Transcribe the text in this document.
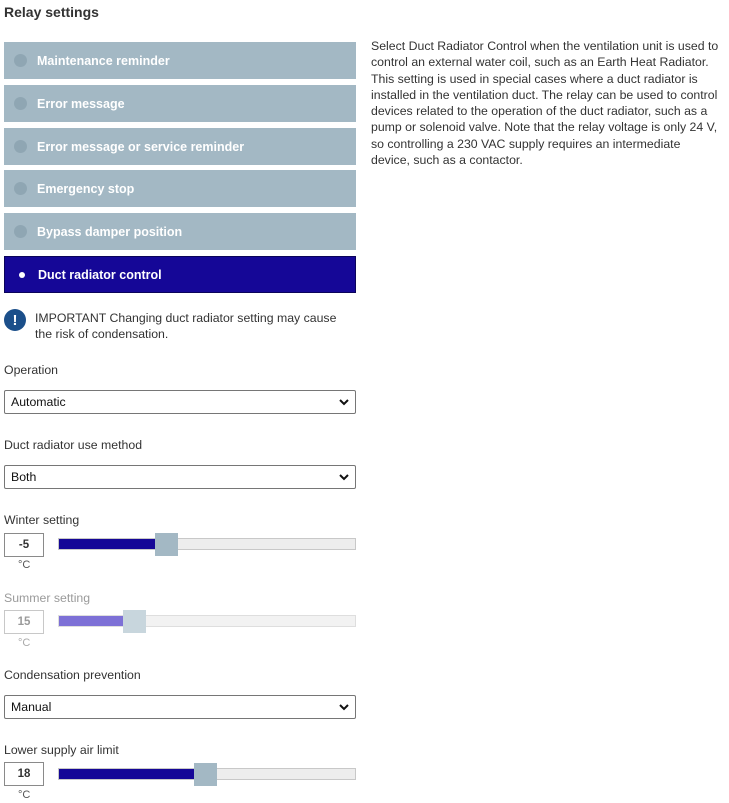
Relay settings
Maintenance reminder
Error message
Error message or service reminder
Emergency stop
Bypass damper position
Duct radiator control
Select Duct Radiator Control when the ventilation unit is used to control an external water coil, such as an Earth Heat Radiator. This setting is used in special cases where a duct radiator is installed in the ventilation duct. The relay can be used to control devices related to the operation of the duct radiator, such as a pump or solenoid valve. Note that the relay voltage is only 24 V, so controlling a 230 VAC supply requires an intermediate device, such as a contactor.
!	IMPORTANT Changing duct radiator setting may cause the risk of condensation.
Operation
Automatic
Duct radiator use method
Both
Winter setting
-5
°C
Summer setting
15
°C
Condensation prevention
Manual
Lower supply air limit
18
°C
